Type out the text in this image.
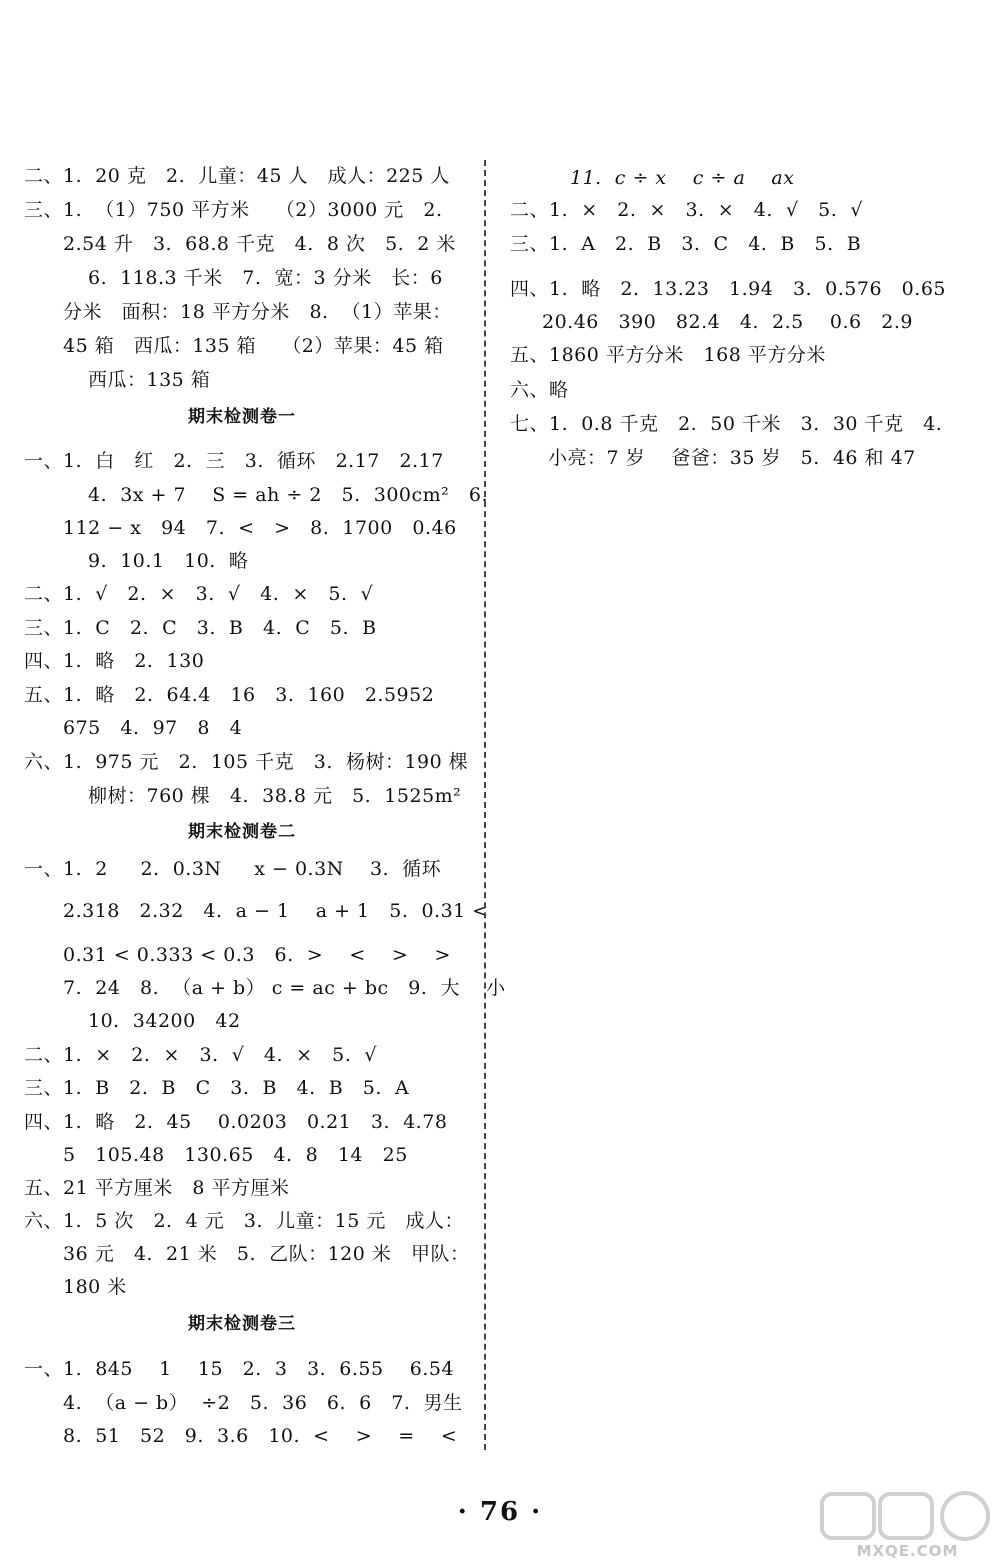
二、1.  20 克   2.  儿童：45 人   成人：225 人
三、1.  （1）750 平方米    （2）3000 元   2.
2.54 升   3.  68.8 千克   4.  8 次   5.  2 米
6.  118.3 千米   7.  宽：3 分米   长：6
分米   面积：18 平方分米   8.  （1）苹果：
45 箱   西瓜：135 箱    （2）苹果：45 箱
西瓜：135 箱
期末检测卷一
一、1.  白   红   2.  三   3.  循环   2.17   2.17
4.  3x + 7    S = ah ÷ 2   5.  300cm²   6.
112 − x   94   7.  <   >   8.  1700   0.46
9.  10.1   10.  略
二、1.  √   2.  ×   3.  √   4.  ×   5.  √
三、1.  C   2.  C   3.  B   4.  C   5.  B
四、1.  略   2.  130
五、1.  略   2.  64.4   16   3.  160   2.5952
675   4.  97   8   4
六、1.  975 元   2.  105 千克   3.  杨树：190 棵
柳树：760 棵   4.  38.8 元   5.  1525m²
期末检测卷二
一、1.  2     2.  0.3N     x − 0.3N    3.  循环
2.318   2.32   4.  a − 1    a + 1   5.  0.31 <
0.31 < 0.333 < 0.3   6.  >    <    >    >
7.  24   8.  （a + b） c = ac + bc   9.  大    小
10.  34200   42
二、1.  ×   2.  ×   3.  √   4.  ×   5.  √
三、1.  B   2.  B   C   3.  B   4.  B   5.  A
四、1.  略   2.  45    0.0203   0.21   3.  4.78
5   105.48   130.65   4.  8   14   25
五、21 平方厘米   8 平方厘米
六、1.  5 次   2.  4 元   3.  儿童：15 元   成人：
36 元   4.  21 米   5.  乙队：120 米   甲队：
180 米
期末检测卷三
一、1.  845    1    15   2.  3   3.  6.55    6.54
4.  （a − b）  ÷2   5.  36   6.  6   7.  男生
8.  51   52   9.  3.6   10.  <    >    =    <
11.  c ÷ x    c ÷ a    ax
二、1.  ×   2.  ×   3.  ×   4.  √   5.  √
三、1.  A   2.  B   3.  C   4.  B   5.  B
四、1.  略   2.  13.23   1.94   3.  0.576   0.65
20.46   390   82.4   4.  2.5    0.6   2.9
五、1860 平方分米   168 平方分米
六、略
七、1.  0.8 千克   2.  50 千米   3.  30 千克   4.
小亮：7 岁    爸爸：35 岁   5.  46 和 47
· 76 ·
MXQE.COM
